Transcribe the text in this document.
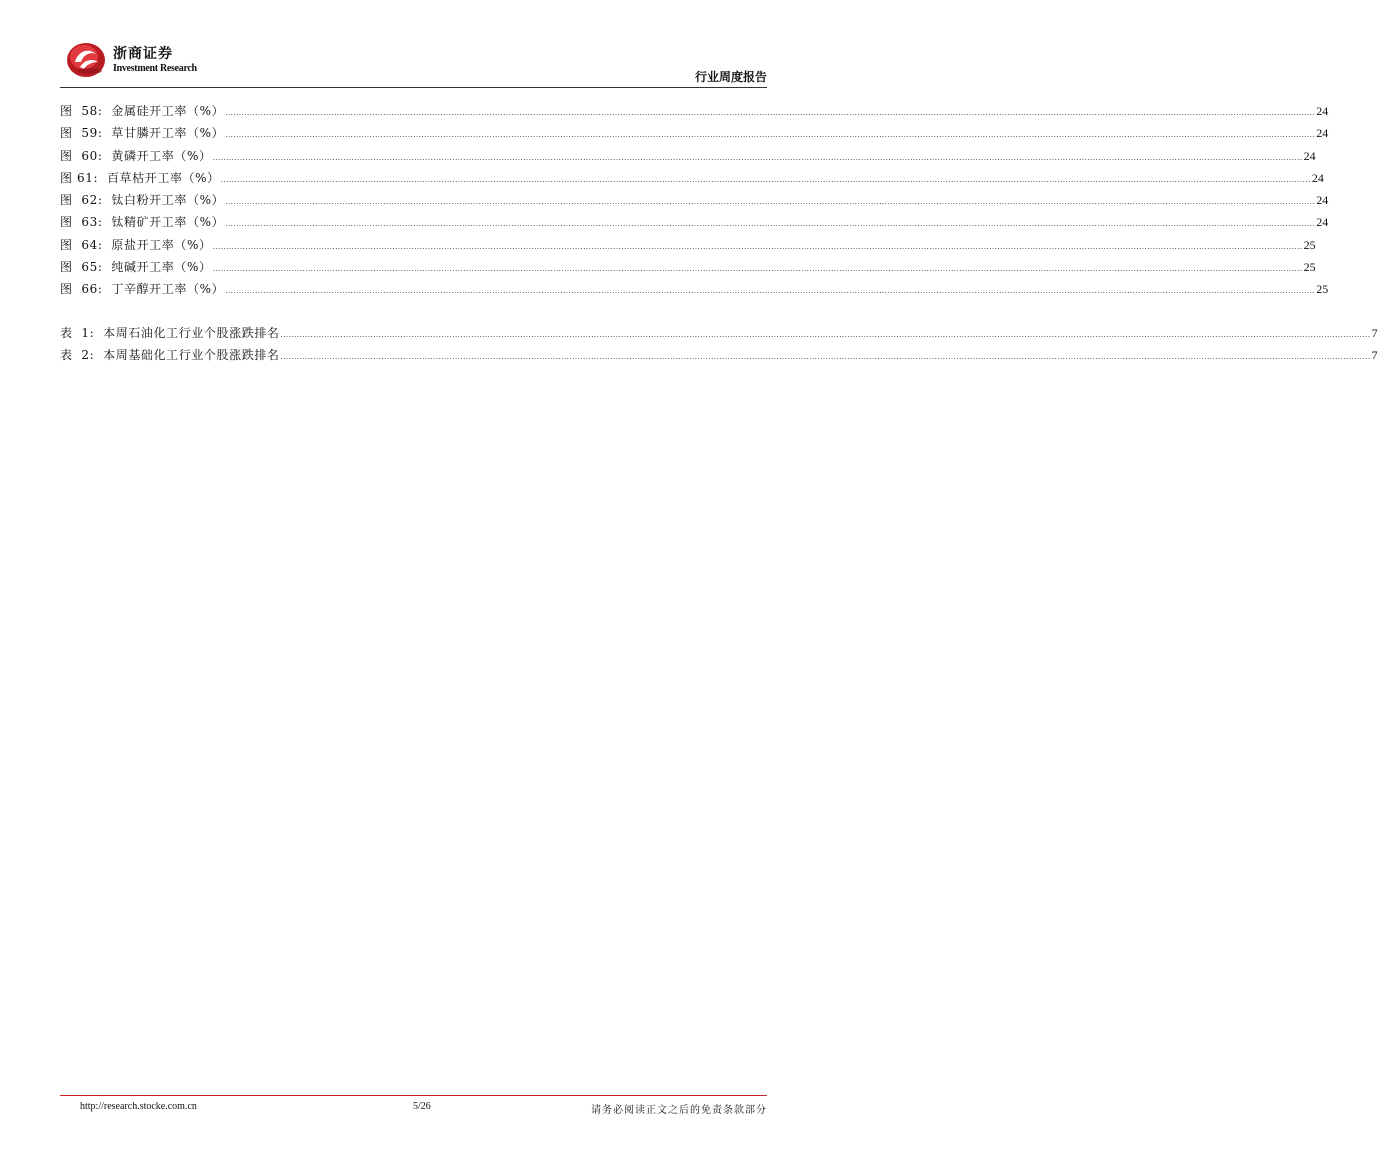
浙商证券
Investment Research
行业周度报告
图  58:  金属硅开工率（%） ................................................................................................................................................................................................................................................................................................................................................................................................................ 24
图  59:  草甘膦开工率（%） ................................................................................................................................................................................................................................................................................................................................................................................................................ 24
图  60:  黄磷开工率（%） ................................................................................................................................................................................................................................................................................................................................................................................................................ 24
图 61:  百草枯开工率（%） ................................................................................................................................................................................................................................................................................................................................................................................................................ 24
图  62:  钛白粉开工率（%） ................................................................................................................................................................................................................................................................................................................................................................................................................ 24
图  63:  钛精矿开工率（%） ................................................................................................................................................................................................................................................................................................................................................................................................................ 24
图  64:  原盐开工率（%） ................................................................................................................................................................................................................................................................................................................................................................................................................ 25
图  65:  纯碱开工率（%） ................................................................................................................................................................................................................................................................................................................................................................................................................ 25
图  66:  丁辛醇开工率（%） ................................................................................................................................................................................................................................................................................................................................................................................................................ 25
表  1:  本周石油化工行业个股涨跌排名 ................................................................................................................................................................................................................................................................................................................................................................................................................ 7
表  2:  本周基础化工行业个股涨跌排名 ................................................................................................................................................................................................................................................................................................................................................................................................................ 7
http://research.stocke.com.cn	5/26	请务必阅读正文之后的免责条款部分
